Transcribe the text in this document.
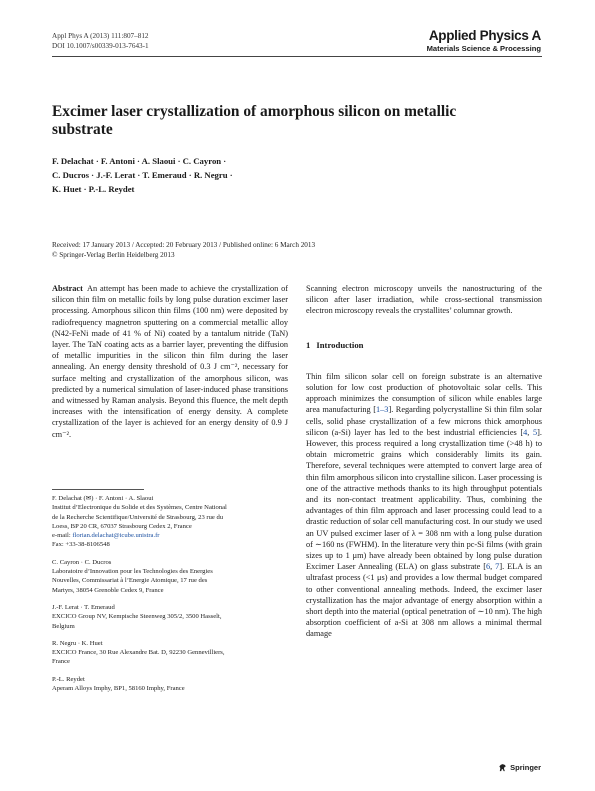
Appl Phys A (2013) 111:807–812
DOI 10.1007/s00339-013-7643-1
Applied Physics A
Materials Science & Processing
Excimer laser crystallization of amorphous silicon on metallic substrate
F. Delachat · F. Antoni · A. Slaoui · C. Cayron ·
C. Ducros · J.-F. Lerat · T. Emeraud · R. Negru ·
K. Huet · P.-L. Reydet
Received: 17 January 2013 / Accepted: 20 February 2013 / Published online: 6 March 2013
© Springer-Verlag Berlin Heidelberg 2013

Abstract  An attempt has been made to achieve the crystallization of silicon thin film on metallic foils by long pulse duration excimer laser processing. Amorphous silicon thin films (100 nm) were deposited by radiofrequency magnetron sputtering on a commercial metallic alloy (N42-FeNi made of 41 % of Ni) coated by a tantalum nitride (TaN) layer. The TaN coating acts as a barrier layer, preventing the diffusion of metallic impurities in the silicon thin film during the laser annealing. An energy density threshold of 0.3 J cm⁻², necessary for surface melting and crystallization of the amorphous silicon, was predicted by a numerical simulation of laser-induced phase transitions and witnessed by Raman analysis. Beyond this fluence, the melt depth increases with the intensification of energy density. A complete crystallization of the layer is achieved for an energy density of 0.9 J cm⁻².

F. Delachat (✉) · F. Antoni · A. Slaoui
Institut d’Electronique du Solide et des Systèmes, Centre National
de la Recherche Scientifique/Université de Strasbourg, 23 rue du
Loess, BP 20 CR, 67037 Strasbourg Cedex 2, France
e-mail: florian.delachat@icube.unistra.fr
Fax: +33-38-8106548
C. Cayron · C. Ducros
Laboratoire d’Innovation pour les Technologies des Energies
Nouvelles, Commissariat à l’Energie Atomique, 17 rue des
Martyrs, 38054 Grenoble Cedex 9, France
J.-F. Lerat · T. Emeraud
EXCICO Group NV, Kempische Steenweg 305/2, 3500 Hasselt,
Belgium
R. Negru · K. Huet
EXCICO France, 30 Rue Alexandre Bat. D, 92230 Gennevilliers,
France
P.-L. Reydet
Aperam Alloys Imphy, BP1, 58160 Imphy, France

Scanning electron microscopy unveils the nanostructuring of the silicon after laser irradiation, while cross-sectional transmission electron microscopy reveals the crystallites’ columnar growth.

1 Introduction

Thin film silicon solar cell on foreign substrate is an alternative solution for low cost production of photovoltaic solar cells. This approach minimizes the consumption of silicon while enables large area manufacturing [1–3]. Regarding polycrystalline Si thin film solar cells, solid phase crystallization of a few microns thick amorphous silicon (a-Si) layer has led to the best industrial efficiencies [4, 5]. However, this process required a long crystallization time (>48 h) to obtain micrometric grains which considerably limits its gain. Therefore, several techniques were attempted to convert large area of thin film amorphous silicon into crystalline silicon. Laser processing is one of the attractive methods thanks to its high throughput potentials and its non-contact treatment applicability. Thus, combining the advantages of thin film approach and laser processing could lead to a drastic reduction of solar cell manufacturing cost. In our study we used an UV pulsed excimer laser of λ = 308 nm with a long pulse duration of ∼160 ns (FWHM). In the literature very thin pc-Si films (with grain sizes up to 1 μm) have already been obtained by long pulse duration Excimer Laser Annealing (ELA) on glass substrate [6, 7]. ELA is an ultrafast process (<1 μs) and provides a low thermal budget compared to other conventional annealing methods. Indeed, the excimer laser crystallization has the major advantage of energy absorption within a short depth into the material (optical penetration of ∼10 nm). The high absorption coefficient of a-Si at 308 nm allows a minimal thermal damage

Springer
